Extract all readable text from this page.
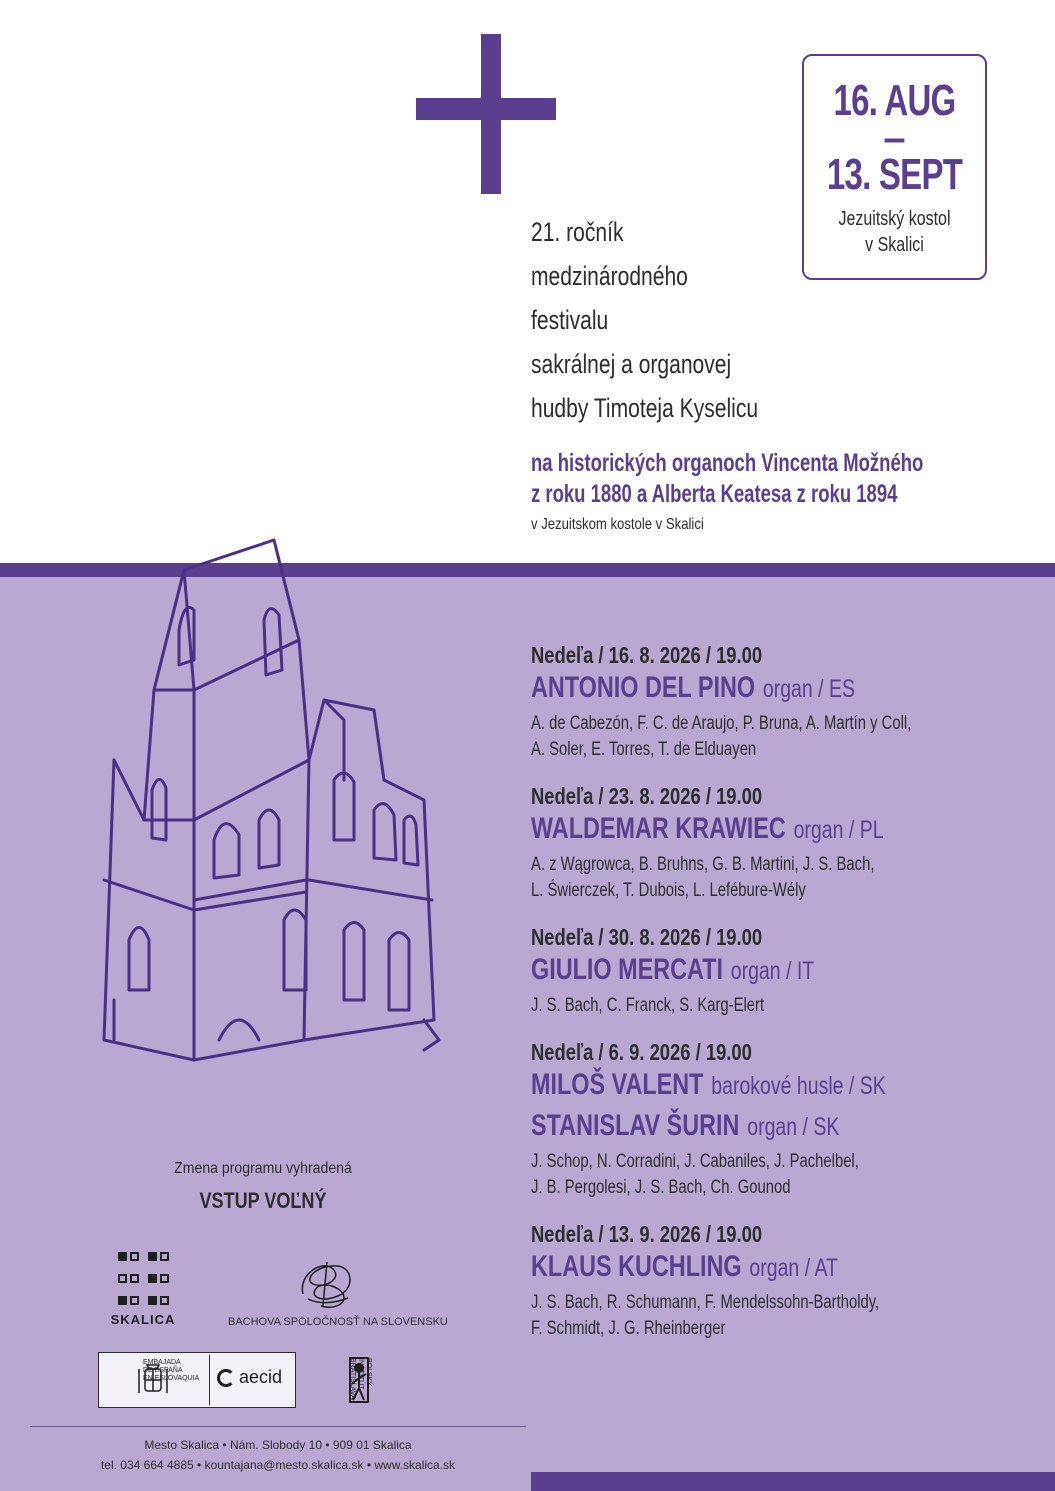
16. AUG
–
13. SEPT
Jezuitský kostol
v Skalici
21. ročník
medzinárodného
festivalu
sakrálnej a organovej
hudby Timoteja Kyselicu
na historických organoch Vincenta Možného
z roku 1880 a Alberta Keatesa z roku 1894
v Jezuitskom kostole v Skalici
Nedeľa / 16. 8. 2026 / 19.00
ANTONIO DEL PINO organ / ES
A. de Cabezón, F. C. de Araujo, P. Bruna, A. Martín y Coll,
A. Soler, E. Torres, T. de Elduayen
Nedeľa / 23. 8. 2026 / 19.00
WALDEMAR KRAWIEC organ / PL
A. z Wągrowca, B. Bruhns, G. B. Martini, J. S. Bach,
L. Świerczek, T. Dubois, L. Lefébure-Wély
Nedeľa / 30. 8. 2026 / 19.00
GIULIO MERCATI organ / IT
J. S. Bach, C. Franck, S. Karg-Elert
Nedeľa / 6. 9. 2026 / 19.00
MILOŠ VALENT barokové husle / SK
STANISLAV ŠURIN organ / SK
J. Schop, N. Corradini, J. Cabaniles, J. Pachelbel,
J. B. Pergolesi, J. S. Bach, Ch. Gounod
Nedeľa / 13. 9. 2026 / 19.00
KLAUS KUCHLING organ / AT
J. S. Bach, R. Schumann, F. Mendelssohn-Bartholdy,
F. Schmidt, J. G. Rheinberger
Zmena programu vyhradená
VSTUP VOĽNÝ
SKALICA	BACHOVA SPOLOČNOSŤ NA SLOVENSKU
EMBAJADA
DE ESPAÑA
EN ESLOVAQUIA	aecid	POLSKÝ
INŠTITÚT
BRATISLAVA
Mesto Skalica • Nám. Slobody 10 • 909 01 Skalica
tel. 034 664 4885 • kountajana@mesto.skalica.sk • www.skalica.sk
